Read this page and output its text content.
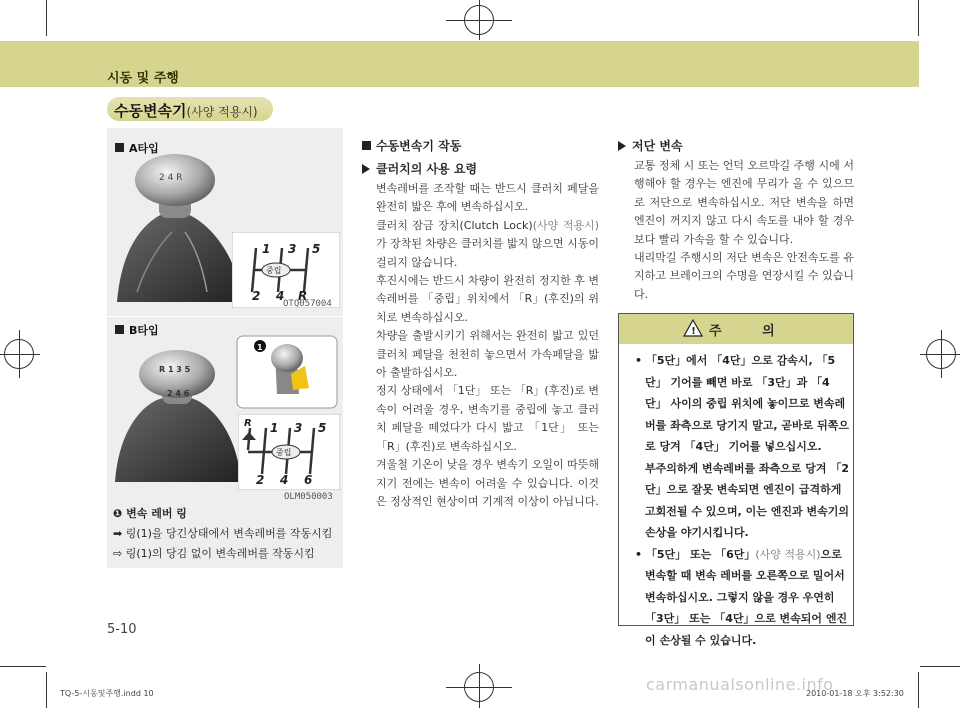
시동 및 주행
수동변속기(사양 적용시)
A타입
2 4 R
1 3 5
2 4 R
중립
OTQ057004
B타입
R 1 3 5
2 4 6
1
R 1 3 5
2 4 6
중립
OLM050003
❶ 변속 레버 링
➡ 링(1)을 당긴상태에서 변속레버를 작동시킴
⇨ 링(1)의 당김 없이 변속레버를 작동시킴
수동변속기 작동
클러치의 사용 요령

변속레버를 조작할 때는 반드시 클러치 페달을 완전히 밟은 후에 변속하십시오.

클러치 잠금 장치(Clutch Lock)(사양 적용시)가 장착된 차량은 클러치를 밟지 않으면 시동이 걸리지 않습니다.

후진시에는 반드시 차량이 완전히 정지한 후 변속레버를 「중립」위치에서 「R」(후진)의 위치로 변속하십시오.

차량을 출발시키기 위해서는 완전히 밟고 있던 클러치 페달을 천천히 놓으면서 가속페달을 밟아 출발하십시오.

정지 상태에서 「1단」 또는 「R」(후진)로 변속이 어려울 경우, 변속기를 중립에 놓고 클러치 페달을 떼었다가 다시 밟고 「1단」 또는 「R」(후진)로 변속하십시오.

겨울철 기온이 낮을 경우 변속기 오일이 따뜻해지기 전에는 변속이 어려울 수 있습니다. 이것은 정상적인 현상이며 기계적 이상이 아닙니다.

저단 변속

교통 정체 시 또는 언덕 오르막길 주행 시에 서행해야 할 경우는 엔진에 무리가 올 수 있으므로 저단으로 변속하십시오. 저단 변속을 하면 엔진이 꺼지지 않고 다시 속도를 내야 할 경우 보다 빨리 가속을 할 수 있습니다.

내리막길 주행시의 저단 변속은 안전속도를 유지하고 브레이크의 수명을 연장시킬 수 있습니다.

! 주 의
• 「5단」에서 「4단」으로 감속시, 「5단」 기어를 빼면 바로 「3단」과 「4단」 사이의 중립 위치에 놓이므로 변속레버를 좌측으로 당기지 말고, 곧바로 뒤쪽으로 당겨 「4단」 기어를 넣으십시오.
부주의하게 변속레버를 좌측으로 당겨 「2단」으로 잘못 변속되면 엔진이 급격하게 고회전될 수 있으며, 이는 엔진과 변속기의 손상을 야기시킵니다.
• 「5단」 또는 「6단」(사양 적용시)으로 변속할 때 변속 레버를 오른쪽으로 밀어서 변속하십시오. 그렇지 않을 경우 우연히 「3단」 또는 「4단」으로 변속되어 엔진이 손상될 수 있습니다.
5-10
TQ-5-시동및주행.indd 10	carmanualsonline.info
2010-01-18 오후 3:52:30
